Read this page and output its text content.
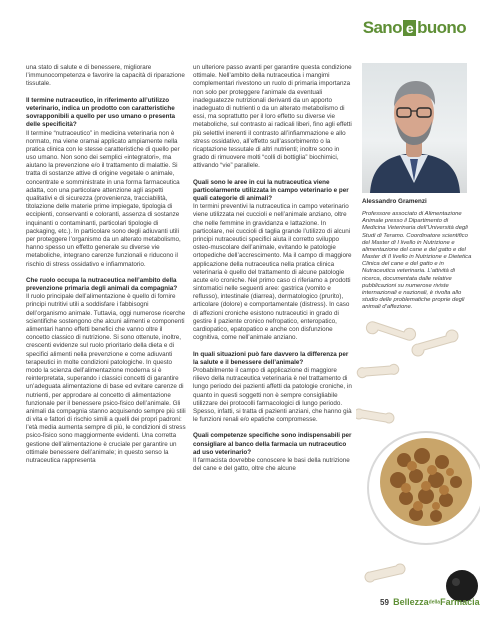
Sano e buono

una stato di salute e di benessere, migliorare l’immunocompetenza e favorire la capacità di riparazione tissutale.

Il termine nutraceutico, in riferimento all’utilizzo veterinario, indica un prodotto con caratteristiche sovrapponibili a quello per uso umano o presenta delle specificità?

Il termine “nutraceutico” in medicina veterinaria non è normato, ma viene oramai applicato ampiamente nella pratica clinica con le stesse caratteristiche di quello per uso umano. Non sono dei semplici «integratori», ma aiutano la prevenzione e/o il trattamento di malattie. Si tratta di sostanze attive di origine vegetale o animale, concentrate e somministrate in una forma farmaceutica adatta, con una particolare attenzione agli aspetti qualitativi e di sicurezza (provenienza, tracciabilità, titolazione delle materie prime impiegate, tipologia di eccipienti, conservanti e coloranti, assenza di sostanze inquinanti o contaminanti, particolari tipologie di packaging, etc.). In particolare sono degli adiuvanti utili per proteggere l’organismo da un alterato metabolismo, hanno spesso un effetto generale su diverse vie metaboliche, integrano carenze funzionali e riducono il rischio di stress ossidativo e infiammatorio.

Che ruolo occupa la nutraceutica nell’ambito della prevenzione primaria degli animali da compagnia?

Il ruolo principale dell’alimentazione è quello di fornire principi nutritivi utili a soddisfare i fabbisogni dell’organismo animale. Tuttavia, oggi numerose ricerche scientifiche sostengono che alcuni alimenti e componenti alimentari hanno effetti benefici che vanno oltre il concetto classico di nutrizione. Si sono ottenute, inoltre, crescenti evidenze sul ruolo prioritario della dieta e di specifici alimenti nella prevenzione e come adiuvanti terapeutici in molte condizioni patologiche. In questo modo la scienza dell’alimentazione moderna si è reinterpretata, superando i classici concetti di garantire un’adeguata alimentazione di base ed evitare carenze di nutrienti, per approdare al concetto di alimentazione funzionale per il benessere psico-fisico dell’animale. Gli animali da compagnia stanno acquisendo sempre più stili di vita e fattori di rischio simili a quelli dei propri padroni: l’età media aumenta sempre di più, le condizioni di stress psico-fisico sono maggiormente evidenti. Una corretta gestione dell’alimentazione è cruciale per garantire un ottimale benessere dell’animale; in questo senso la nutraceutica rappresenta

un ulteriore passo avanti per garantire questa condizione ottimale. Nell’ambito della nutraceutica i mangimi complementari rivestono un ruolo di primaria importanza non solo per proteggere l’animale da eventuali inadeguatezze nutrizionali derivanti da un apporto inadeguato di nutrienti o da un alterato metabolismo di essi, ma soprattutto per il loro effetto su diverse vie metaboliche, sul contrasto ai radicali liberi, fino agli effetti più selettivi inerenti il contrasto all’infiammazione e allo stress ossidativo, all’effetto sull’assorbimento o la ricaptazione tessutale di altri nutrienti; inoltre sono in grado di rimuovere molti “colli di bottiglia” biochimici, attivando “vie” parallele.

Quali sono le aree in cui la nutraceutica viene particolarmente utilizzata in campo veterinario e per quali categorie di animali?

In termini preventivi la nutraceutica in campo veterinario viene utilizzata nei cuccioli e nell’animale anziano, oltre che nelle femmine in gravidanza e lattazione. In particolare, nei cuccioli di taglia grande l’utilizzo di alcuni principi nutraceutici specifici aiuta il corretto sviluppo osteo-muscolare dell’animale, evitando le patologie ortopediche dell’accrescimento. Ma il campo di maggiore applicazione della nutraceutica nella pratica clinica veterinaria è quello del trattamento di alcune patologie acute e/o croniche. Nel primo caso ci riferiamo a prodotti sintomatici nelle seguenti aree: gastrica (vomito e reflusso), intestinale (diarrea), dermatologico (prurito), articolare (dolore) e comportamentale (distress). In caso di affezioni croniche esistono nutraceutici in grado di gestire il paziente cronico nefropatico, enteropatico, cardiopatico, epatopatico e anche con disfunzione cognitiva, come nell’animale anziano.

In quali situazioni può fare davvero la differenza per la salute e il benessere dell’animale?

Probabilmente il campo di applicazione di maggiore rilievo della nutraceutica veterinaria è nel trattamento di lungo periodo dei pazienti affetti da patologie croniche, in quanto in questi soggetti non è sempre consigliabile utilizzare dei protocolli farmacologici di lungo periodo. Spesso, infatti, si tratta di pazienti anziani, che hanno già le funzioni renali e/o epatiche compromesse.

Quali competenze specifiche sono indispensabili per consigliare al banco della farmacia un nutraceutico ad uso veterinario?

Il farmacista dovrebbe conoscere le basi della nutrizione del cane e del gatto, oltre che alcune

Alessandro Gramenzi
Professore associato di Alimentazione Animale presso il Dipartimento di Medicina Veterinaria dell’Università degli Studi di Teramo. Coordinatore scientifico del Master di I livello in Nutrizione e alimentazione del cane e del gatto e del Master di II livello in Nutrizione e Dietetica Clinica del cane e del gatto e in Nutraceutica veterinaria. L’attività di ricerca, documentata dalle relative pubblicazioni su numerose riviste internazionali e nazionali, è rivolta allo studio delle problematiche proprie degli animali d’affezione.
59 BellezzadellaFarmacia
